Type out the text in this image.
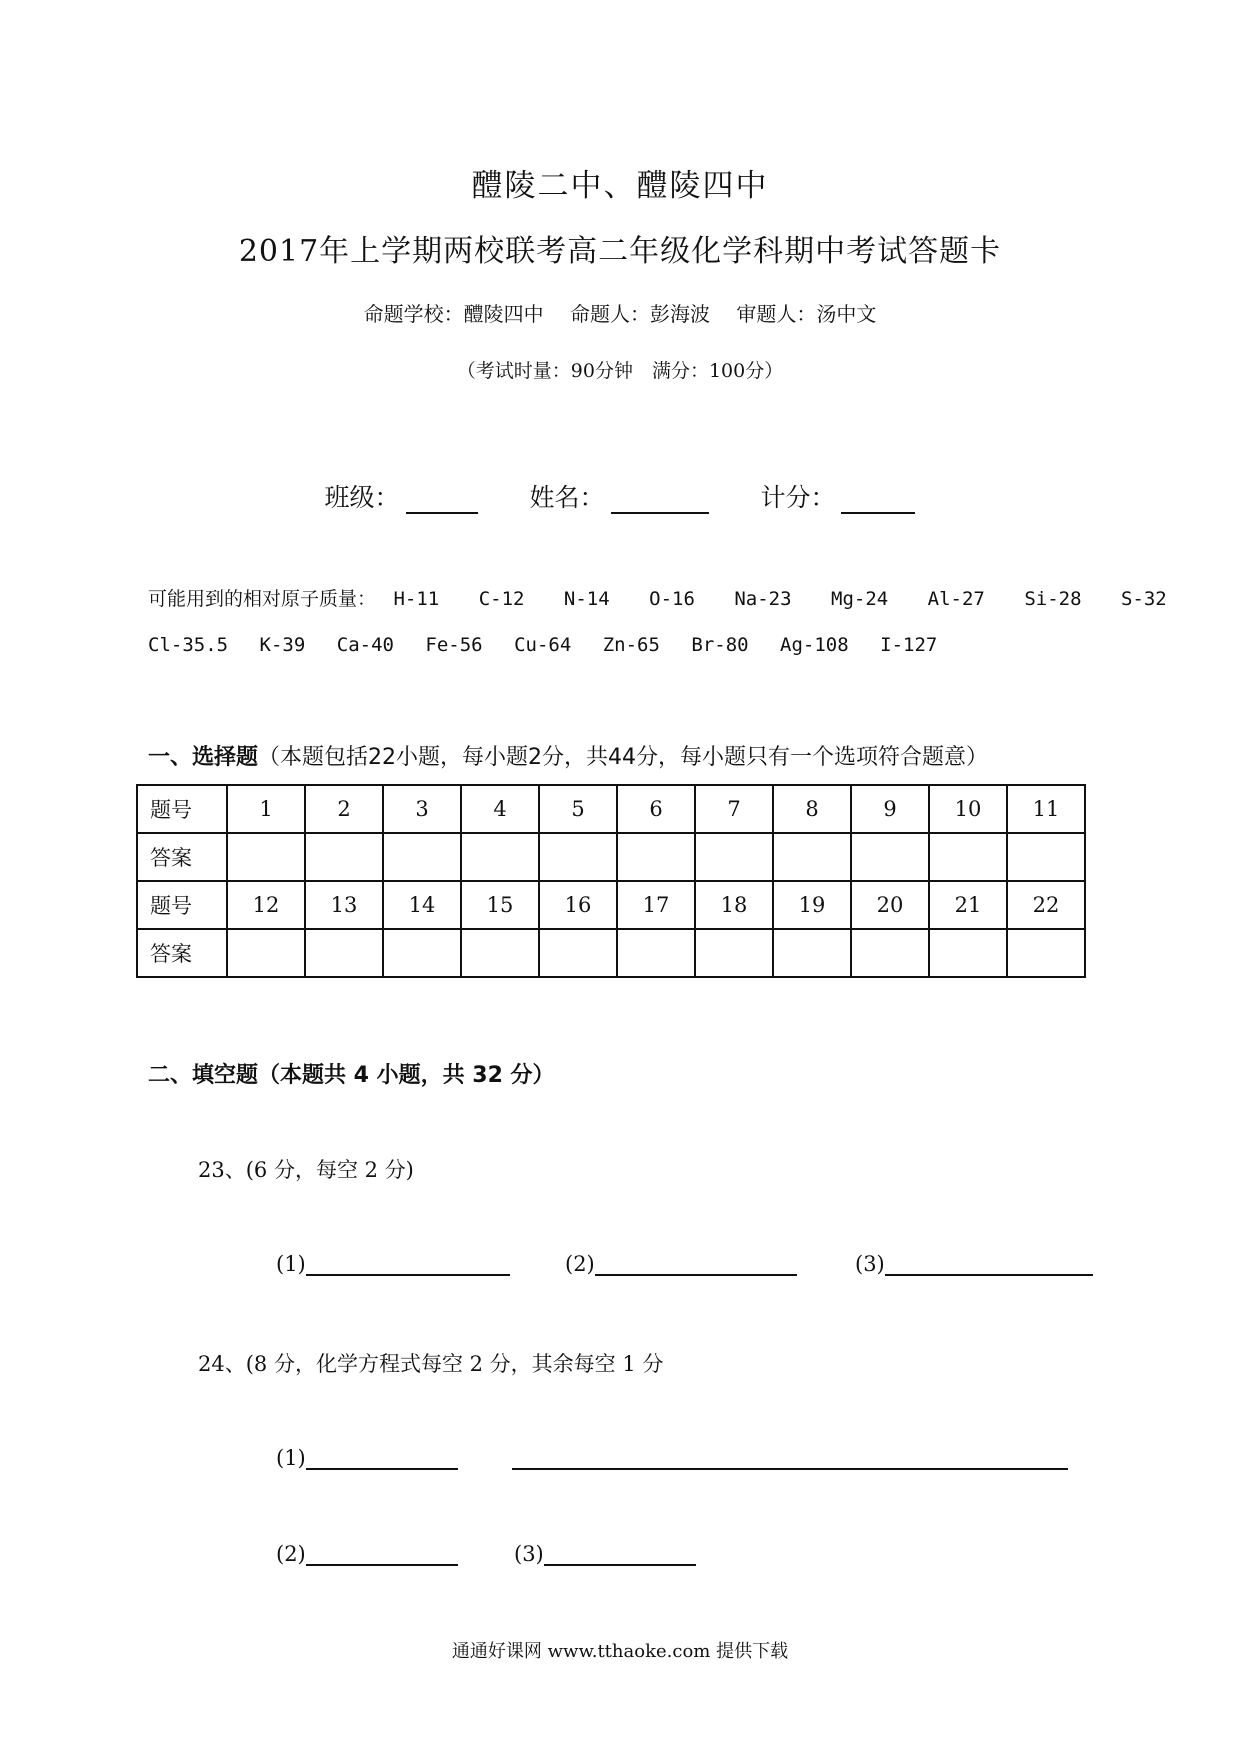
醴陵二中、醴陵四中
2017年上学期两校联考高二年级化学科期中考试答题卡
命题学校：醴陵四中 命题人：彭海波 审题人：汤中文
（考试时量：90分钟　满分：100分）
班级：	姓名：	计分：
可能用到的相对原子质量： H-11 C-12 N-14 O-16 Na-23 Mg-24 Al-27 Si-28 S-32
Cl-35.5 K-39 Ca-40 Fe-56 Cu-64 Zn-65 Br-80 Ag-108 I-127
一、选择题（本题包括22小题，每小题2分，共44分，每小题只有一个选项符合题意）
题号	1	2	3	4	5	6	7	8	9	10	11
答案											
题号	12	13	14	15	16	17	18	19	20	21	22
答案											
二、填空题（本题共 4 小题，共 32 分）
23、(6 分，每空 2 分)
(1)	(2)	(3)
24、(8 分，化学方程式每空 2 分，其余每空 1 分
(1)
(2)	(3)
通通好课网 www.tthaoke.com 提供下载
